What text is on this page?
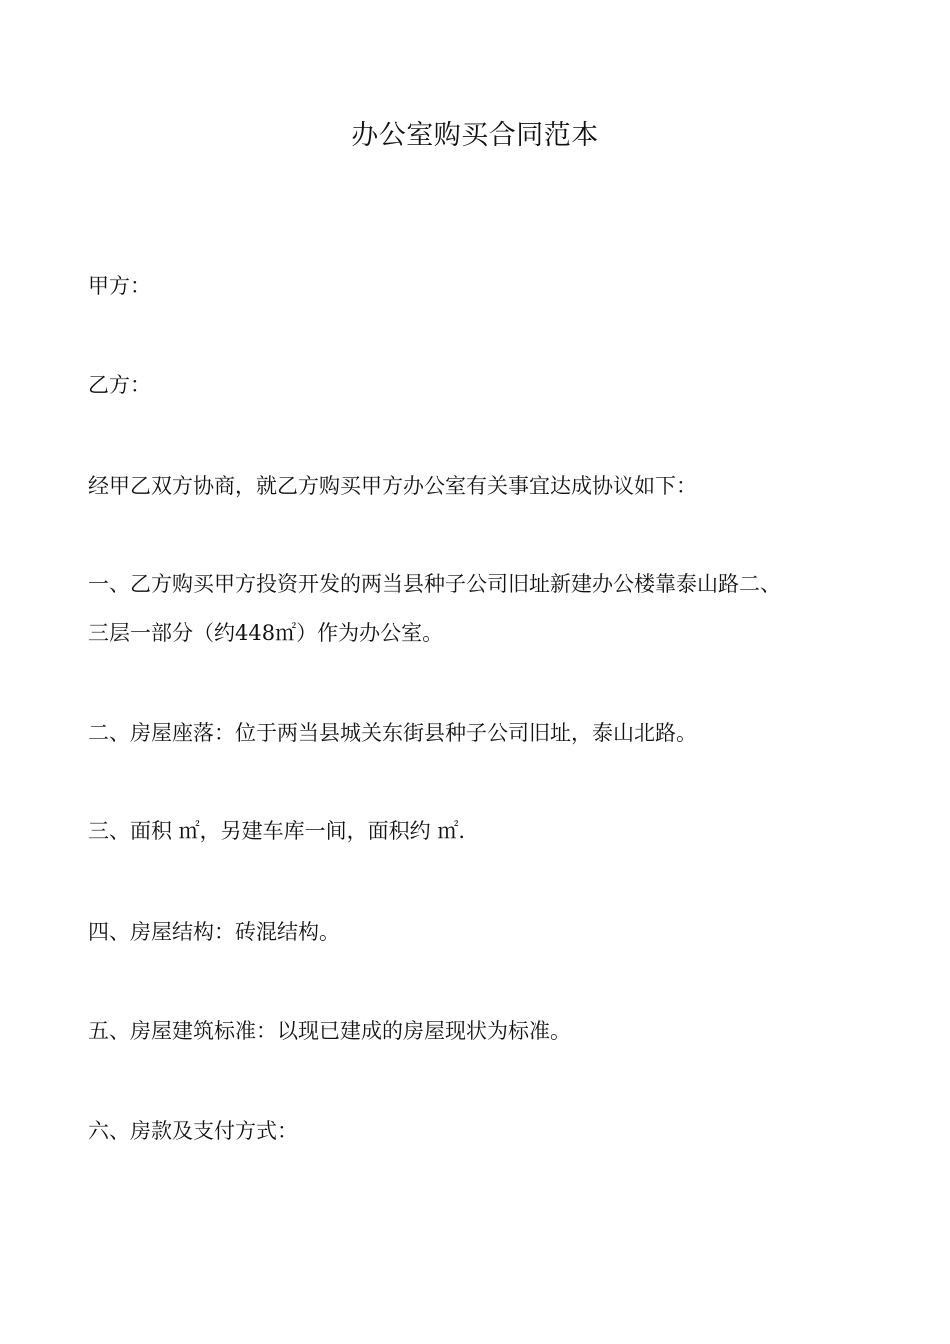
办公室购买合同范本
甲方：
乙方：
经甲乙双方协商，就乙方购买甲方办公室有关事宜达成协议如下：
一、乙方购买甲方投资开发的两当县种子公司旧址新建办公楼靠泰山路二、
三层一部分（约448㎡）作为办公室。
二、房屋座落：位于两当县城关东街县种子公司旧址，泰山北路。
三、面积 ㎡，另建车库一间，面积约 ㎡.
四、房屋结构：砖混结构。
五、房屋建筑标准：以现已建成的房屋现状为标准。
六、房款及支付方式：
